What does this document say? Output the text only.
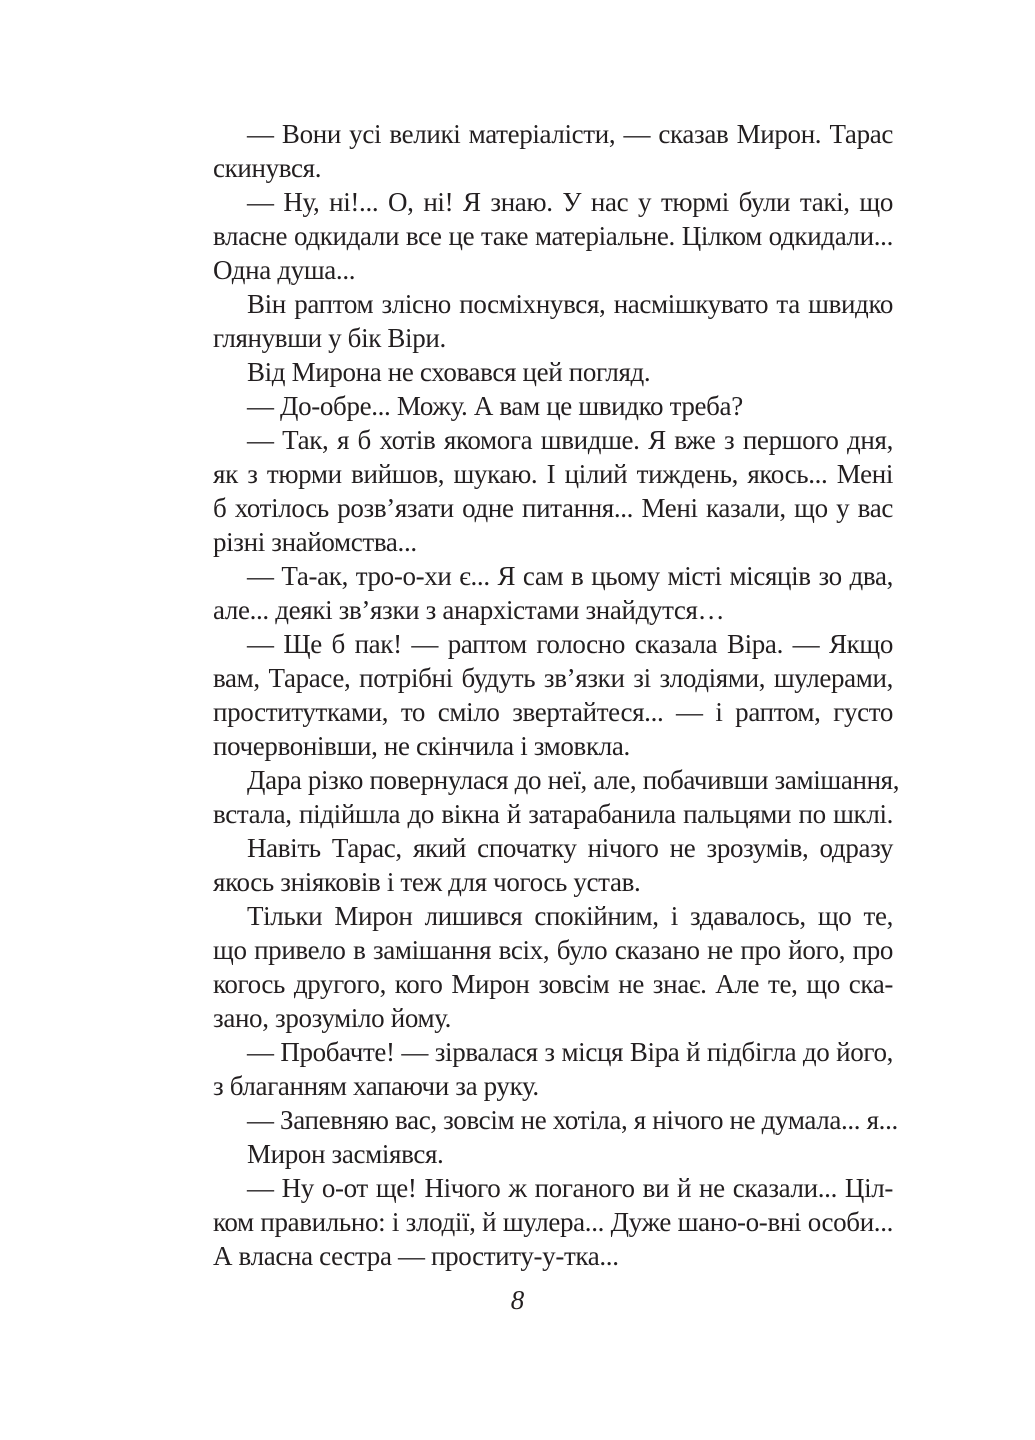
— Вони усі великі матеріалісти, — сказав Мирон. Тарас
скинувся.
— Ну, ні!... О, ні! Я знаю. У нас у тюрмі були такі, що
власне одкидали все це таке матеріальне. Цілком одкидали...
Одна душа...
Він раптом злісно посміхнувся, насмішкувато та швидко
глянувши у бік Віри.
Від Мирона не сховався цей погляд.
— До-обре... Можу. А вам це швидко треба?
— Так, я б хотів якомога швидше. Я вже з першого дня,
як з тюрми вийшов, шукаю. І цілий тиждень, якось... Мені
б хотілось розв’язати одне питання... Мені казали, що у вас
різні знайомства...
— Та-ак, тро-о-хи є... Я сам в цьому місті місяців зо два,
але... деякі зв’язки з анархістами знайдутся…
— Ще б пак! — раптом голосно сказала Віра. — Якщо
вам, Тарасе, потрібні будуть зв’язки зі злодіями, шулерами,
проститутками, то сміло звертайтеся... — і раптом, густо
почервонівши, не скінчила і змовкла.
Дара різко повернулася до неї, але, побачивши замішання,
встала, підійшла до вікна й затарабанила пальцями по шклі.
Навіть Тарас, який спочатку нічого не зрозумів, одразу
якось зніяковів і теж для чогось устав.
Тільки Мирон лишився спокійним, і здавалось, що те,
що привело в замішання всіх, було сказано не про його, про
когось другого, кого Мирон зовсім не знає. Але те, що ска-
зано, зрозуміло йому.
— Пробачте! — зірвалася з місця Віра й підбігла до його,
з благанням хапаючи за руку.
— Запевняю вас, зовсім не хотіла, я нічого не думала... я...
Мирон засміявся.
— Ну о-от ще! Нічого ж поганого ви й не сказали... Ціл-
ком правильно: і злодії, й шулера... Дуже шано-о-вні особи...
А власна сестра — проститу-у-тка...
8
